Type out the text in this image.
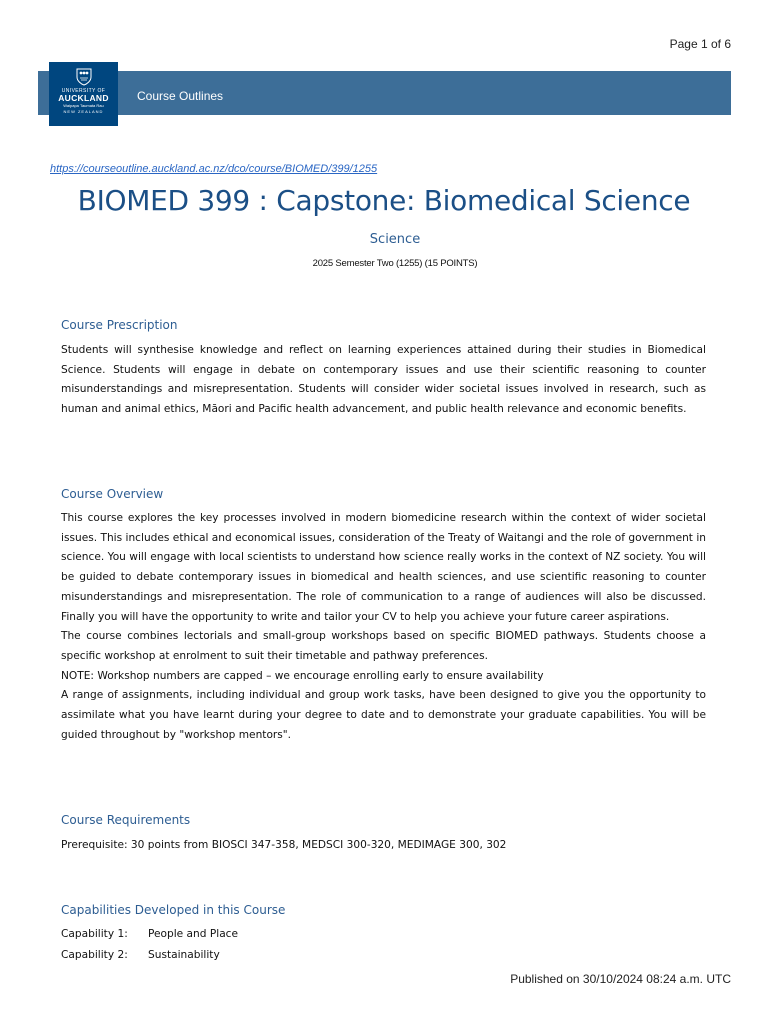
Page 1 of 6
UNIVERSITY OF
AUCKLAND
Waipapa Taumata Rau
NEW ZEALAND
Course Outlines
https://courseoutline.auckland.ac.nz/dco/course/BIOMED/399/1255
BIOMED 399 : Capstone: Biomedical Science
Science
2025 Semester Two (1255) (15 POINTS)
Course Prescription

Students will synthesise knowledge and reflect on learning experiences attained during their studies in Biomedical Science. Students will engage in debate on contemporary issues and use their scientific reasoning to counter misunderstandings and misrepresentation. Students will consider wider societal issues involved in research, such as human and animal ethics, Māori and Pacific health advancement, and public health relevance and economic benefits.

Course Overview

This course explores the key processes involved in modern biomedicine research within the context of wider societal issues. This includes ethical and economical issues, consideration of the Treaty of Waitangi and the role of government in science. You will engage with local scientists to understand how science really works in the context of NZ society. You will be guided to debate contemporary issues in biomedical and health sciences, and use scientific reasoning to counter misunderstandings and misrepresentation. The role of communication to a range of audiences will also be discussed. Finally you will have the opportunity to write and tailor your CV to help you achieve your future career aspirations.

The course combines lectorials and small-group workshops based on specific BIOMED pathways. Students choose a specific workshop at enrolment to suit their timetable and pathway preferences.

NOTE: Workshop numbers are capped – we encourage enrolling early to ensure availability

A range of assignments, including individual and group work tasks, have been designed to give you the opportunity to assimilate what you have learnt during your degree to date and to demonstrate your graduate capabilities. You will be guided throughout by "workshop mentors".

Course Requirements

Prerequisite: 30 points from BIOSCI 347-358, MEDSCI 300-320, MEDIMAGE 300, 302

Capabilities Developed in this Course
Capability 1: People and Place
Capability 2: Sustainability
Published on 30/10/2024 08:24 a.m. UTC
